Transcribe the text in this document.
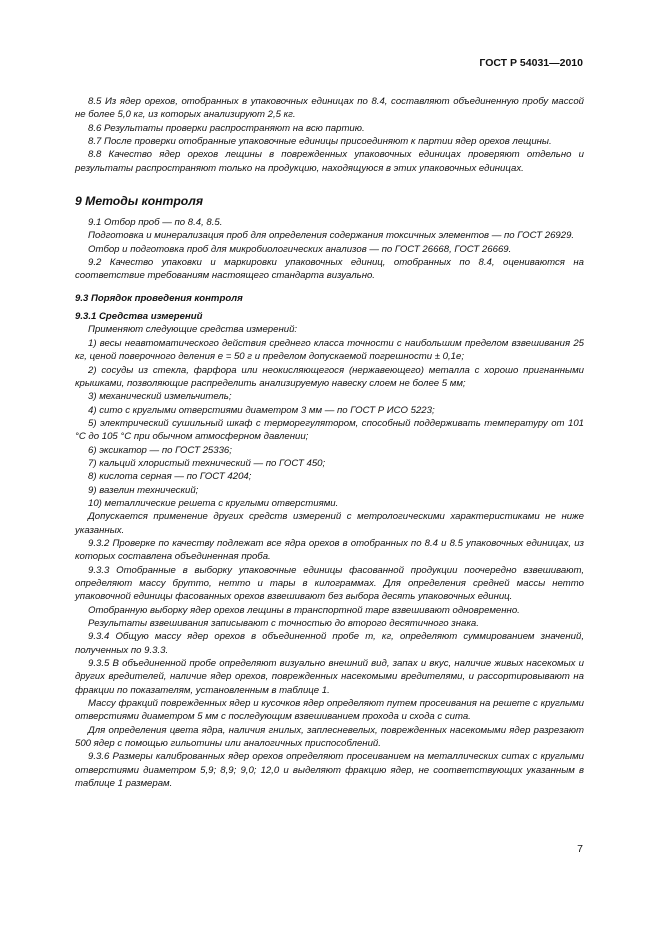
ГОСТ Р 54031—2010

8.5 Из ядер орехов, отобранных в упаковочных единицах по 8.4, составляют объединенную пробу массой не более 5,0 кг, из которых анализируют 2,5 кг.

8.6 Результаты проверки распространяют на всю партию.

8.7 После проверки отобранные упаковочные единицы присоединяют к партии ядер орехов лещины.

8.8 Качество ядер орехов лещины в поврежденных упаковочных единицах проверяют отдельно и результаты распространяют только на продукцию, находящуюся в этих упаковочных единицах.

9 Методы контроля

9.1 Отбор проб — по 8.4, 8.5.

Подготовка и минерализация проб для определения содержания токсичных элементов — по ГОСТ 26929.

Отбор и подготовка проб для микробиологических анализов — по ГОСТ 26668, ГОСТ 26669.

9.2 Качество упаковки и маркировки упаковочных единиц, отобранных по 8.4, оцениваются на соответствие требованиям настоящего стандарта визуально.

9.3 Порядок проведения контроля

9.3.1 Средства измерений

Применяют следующие средства измерений:

1) весы неавтоматического действия среднего класса точности с наибольшим пределом взвешивания 25 кг, ценой поверочного деления е = 50 г и пределом допускаемой погрешности ± 0,1е;

2) сосуды из стекла, фарфора или неокисляющегося (нержавеющего) металла с хорошо пригнанными крышками, позволяющие распределить анализируемую навеску слоем не более 5 мм;

3) механический измельчитель;

4) сито с круглыми отверстиями диаметром 3 мм — по ГОСТ Р ИСО 5223;

5) электрический сушильный шкаф с терморегулятором, способный поддерживать температуру от 101 °С до 105 °С при обычном атмосферном давлении;

6) эксикатор — по ГОСТ 25336;

7) кальций хлористый технический — по ГОСТ 450;

8) кислота серная — по ГОСТ 4204;

9) вазелин технический;

10) металлические решета с круглыми отверстиями.

Допускается применение других средств измерений с метрологическими характеристиками не ниже указанных.

9.3.2 Проверке по качеству подлежат все ядра орехов в отобранных по 8.4 и 8.5 упаковочных единицах, из которых составлена объединенная проба.

9.3.3 Отобранные в выборку упаковочные единицы фасованной продукции поочередно взвешивают, определяют массу брутто, нетто и тары в килограммах. Для определения средней массы нетто упаковочной единицы фасованных орехов взвешивают без выбора десять упаковочных единиц.

Отобранную выборку ядер орехов лещины в транспортной таре взвешивают одновременно.

Результаты взвешивания записывают с точностью до второго десятичного знака.

9.3.4 Общую массу ядер орехов в объединенной пробе т, кг, определяют суммированием значений, полученных по 9.3.3.

9.3.5 В объединенной пробе определяют визуально внешний вид, запах и вкус, наличие живых насекомых и других вредителей, наличие ядер орехов, поврежденных насекомыми вредителями, и рассортировывают на фракции по показателям, установленным в таблице 1.

Массу фракций поврежденных ядер и кусочков ядер определяют путем просеивания на решете с круглыми отверстиями диаметром 5 мм с последующим взвешиванием прохода и схода с сита.

Для определения цвета ядра, наличия гнилых, заплесневелых, поврежденных насекомыми ядер разрезают 500 ядер с помощью гильотины или аналогичных приспособлений.

9.3.6 Размеры калиброванных ядер орехов определяют просеиванием на металлических ситах с круглыми отверстиями диаметром 5,9; 8,9; 9,0; 12,0 и выделяют фракцию ядер, не соответствующих указанным в таблице 1 размерам.

7
